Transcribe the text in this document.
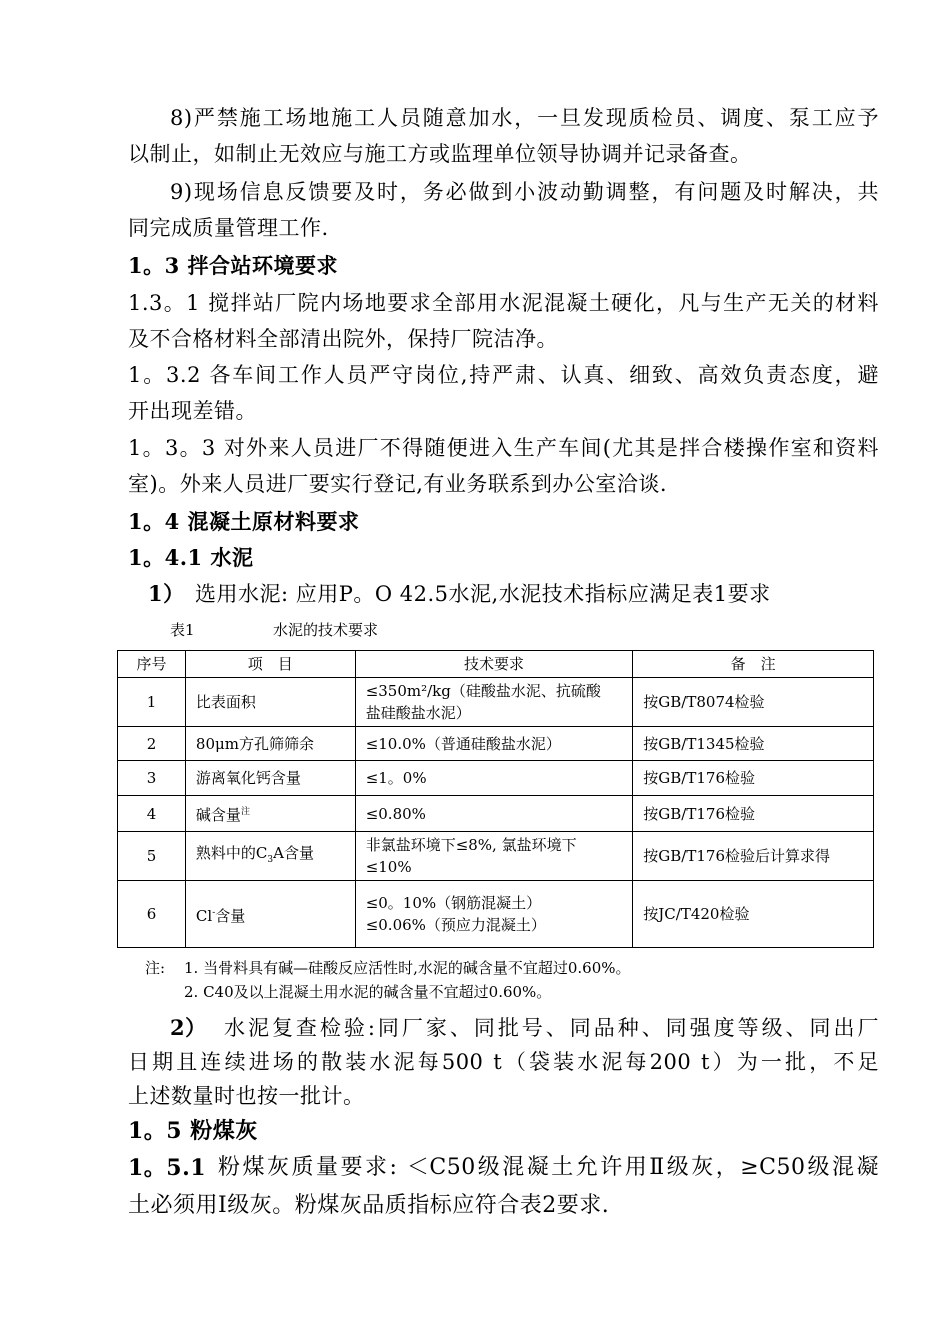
8)严禁施工场地施工人员随意加水，一旦发现质检员、调度、泵工应予
以制止，如制止无效应与施工方或监理单位领导协调并记录备查。
9)现场信息反馈要及时，务必做到小波动勤调整，有问题及时解决，共
同完成质量管理工作.
1。3 拌合站环境要求
1.3。1 搅拌站厂院内场地要求全部用水泥混凝土硬化，凡与生产无关的材料
及不合格材料全部清出院外，保持厂院洁净。
1。3.2 各车间工作人员严守岗位,持严肃、认真、细致、高效负责态度，避
开出现差错。
1。3。3 对外来人员进厂不得随便进入生产车间(尤其是拌合楼操作室和资料
室)。外来人员进厂要实行登记,有业务联系到办公室洽谈.
1。4 混凝土原材料要求
1。4.1 水泥
1） 选用水泥: 应用P。O 42.5水泥,水泥技术指标应满足表1要求
表1	水泥的技术要求
序号	项　目	技术要求	备　注
1	比表面积	≤350m²/kg（硅酸盐水泥、抗硫酸
盐硅酸盐水泥）	按GB/T8074检验
2	80μm方孔筛筛余	≤10.0%（普通硅酸盐水泥）	按GB/T1345检验
3	游离氧化钙含量	≤1。0%	按GB/T176检验
4	碱含量$^注$	≤0.80%	按GB/T176检验
5	熟料中的$C_3A$含量	非氯盐环境下≤8%, 氯盐环境下
≤10%	按GB/T176检验后计算求得
6	Cl-含量	≤0。10%（钢筋混凝土）
≤0.06%（预应力混凝土）	按JC/T420检验
注: 1. 当骨料具有碱—硅酸反应活性时,水泥的碱含量不宜超过0.60%。
2. C40及以上混凝土用水泥的碱含量不宜超过0.60%。
2） 水泥复查检验:同厂家、同批号、同品种、同强度等级、同出厂
日期且连续进场的散装水泥每500 t（袋装水泥每200 t）为一批，不足
上述数量时也按一批计。
1。5 粉煤灰
1。5.1 粉煤灰质量要求: ＜C50级混凝土允许用Ⅱ级灰，≥C50级混凝
土必须用Ⅰ级灰。粉煤灰品质指标应符合表2要求.
